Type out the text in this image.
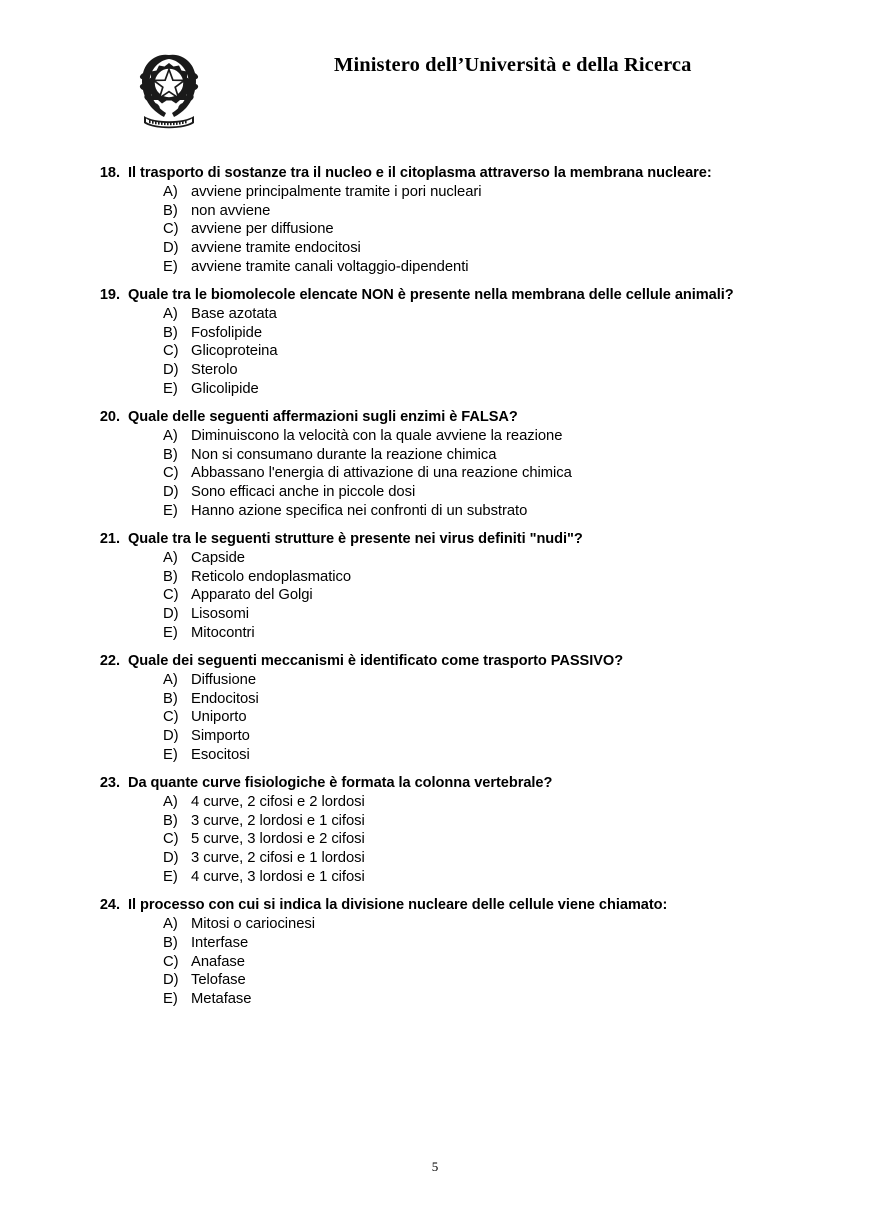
Ministero dell’Università e della Ricerca
18. Il trasporto di sostanze tra il nucleo e il citoplasma attraverso la membrana nucleare:
A) avviene principalmente tramite i pori nucleari
B) non avviene
C) avviene per diffusione
D) avviene tramite endocitosi
E) avviene tramite canali voltaggio-dipendenti
19. Quale tra le biomolecole elencate NON è presente nella membrana delle cellule animali?
A) Base azotata
B) Fosfolipide
C) Glicoproteina
D) Sterolo
E) Glicolipide
20. Quale delle seguenti affermazioni sugli enzimi è FALSA?
A) Diminuiscono la velocità con la quale avviene la reazione
B) Non si consumano durante la reazione chimica
C) Abbassano l'energia di attivazione di una reazione chimica
D) Sono efficaci anche in piccole dosi
E) Hanno azione specifica nei confronti di un substrato
21. Quale tra le seguenti strutture è presente nei virus definiti "nudi"?
A) Capside
B) Reticolo endoplasmatico
C) Apparato del Golgi
D) Lisosomi
E) Mitocontri
22. Quale dei seguenti meccanismi è identificato come trasporto PASSIVO?
A) Diffusione
B) Endocitosi
C) Uniporto
D) Simporto
E) Esocitosi
23. Da quante curve fisiologiche è formata la colonna vertebrale?
A) 4 curve, 2 cifosi e 2 lordosi
B) 3 curve, 2 lordosi e 1 cifosi
C) 5 curve, 3 lordosi e 2 cifosi
D) 3 curve, 2 cifosi e 1 lordosi
E) 4 curve, 3 lordosi e 1 cifosi
24. Il processo con cui si indica la divisione nucleare delle cellule viene chiamato:
A) Mitosi o cariocinesi
B) Interfase
C) Anafase
D) Telofase
E) Metafase
5
